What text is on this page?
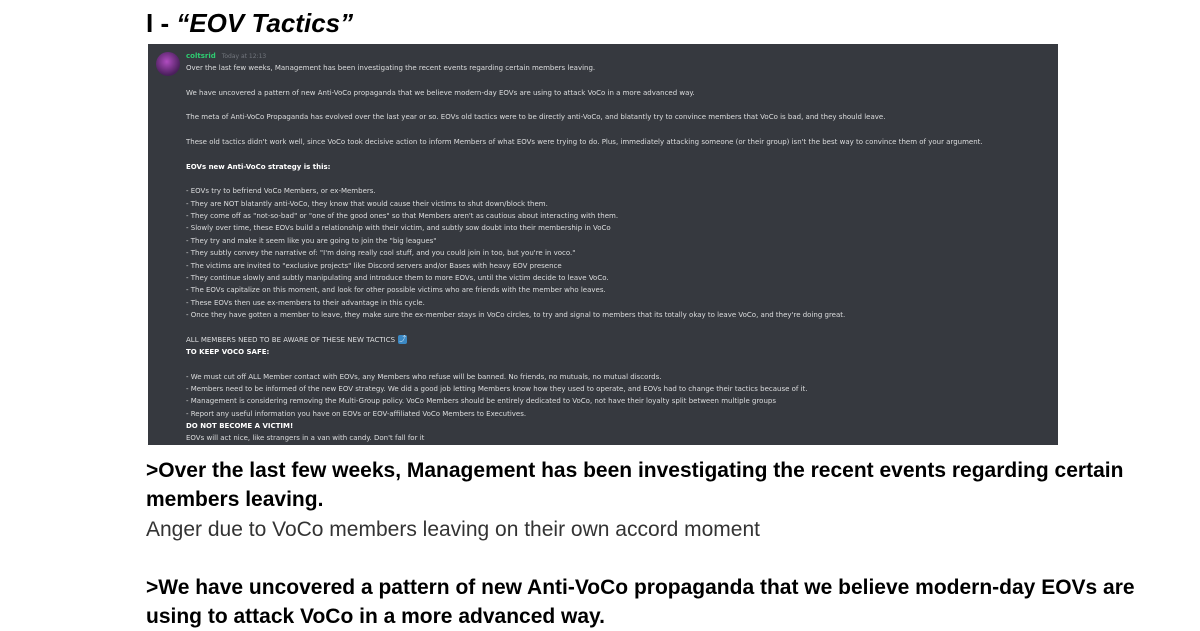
I - “EOV Tactics”
coltsrid Today at 12:13
Over the last few weeks, Management has been investigating the recent events regarding certain members leaving.
We have uncovered a pattern of new Anti-VoCo propaganda that we believe modern-day EOVs are using to attack VoCo in a more advanced way.
The meta of Anti-VoCo Propaganda has evolved over the last year or so. EOVs old tactics were to be directly anti-VoCo, and blatantly try to convince members that VoCo is bad, and they should leave.
These old tactics didn't work well, since VoCo took decisive action to inform Members of what EOVs were trying to do. Plus, immediately attacking someone (or their group) isn't the best way to convince them of your argument.
EOVs new Anti-VoCo strategy is this:
- EOVs try to befriend VoCo Members, or ex-Members.
- They are NOT blatantly anti-VoCo, they know that would cause their victims to shut down/block them.
- They come off as "not-so-bad" or "one of the good ones" so that Members aren't as cautious about interacting with them.
- Slowly over time, these EOVs build a relationship with their victim, and subtly sow doubt into their membership in VoCo
- They try and make it seem like you are going to join the "big leagues"
- They subtly convey the narrative of: "I'm doing really cool stuff, and you could join in too, but you're in voco."
- The victims are invited to "exclusive projects" like Discord servers and/or Bases with heavy EOV presence
- They continue slowly and subtly manipulating and introduce them to more EOVs, until the victim decide to leave VoCo.
- The EOVs capitalize on this moment, and look for other possible victims who are friends with the member who leaves.
- These EOVs then use ex-members to their advantage in this cycle.
- Once they have gotten a member to leave, they make sure the ex-member stays in VoCo circles, to try and signal to members that its totally okay to leave VoCo, and they're doing great.
ALL MEMBERS NEED TO BE AWARE OF THESE NEW TACTICS ⤴
TO KEEP VOCO SAFE:
- We must cut off ALL Member contact with EOVs, any Members who refuse will be banned. No friends, no mutuals, no mutual discords.
- Members need to be informed of the new EOV strategy. We did a good job letting Members know how they used to operate, and EOVs had to change their tactics because of it.
- Management is considering removing the Multi-Group policy. VoCo Members should be entirely dedicated to VoCo, not have their loyalty split between multiple groups
- Report any useful information you have on EOVs or EOV-affiliated VoCo Members to Executives.
DO NOT BECOME A VICTIM!
EOVs will act nice, like strangers in a van with candy. Don't fall for it

>Over the last few weeks, Management has been investigating the recent events regarding certain members leaving.

Anger due to VoCo members leaving on their own accord moment

>We have uncovered a pattern of new Anti-VoCo propaganda that we believe modern-day EOVs are using to attack VoCo in a more advanced way.
